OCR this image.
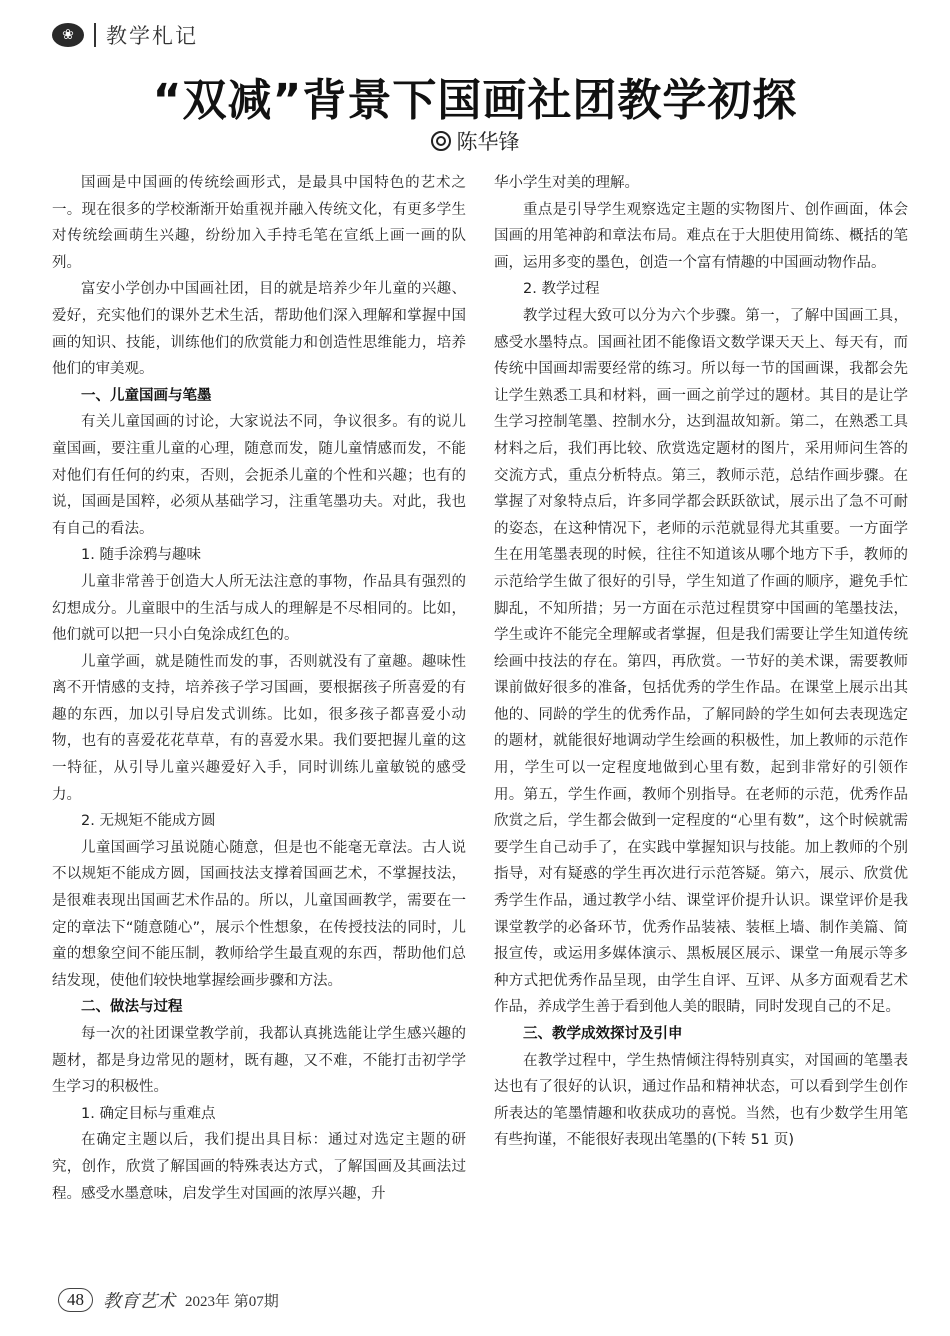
❀	教学札记
“双减”背景下国画社团教学初探
陈华锋

国画是中国画的传统绘画形式，是最具中国特色的艺术之一。现在很多的学校渐渐开始重视并融入传统文化，有更多学生对传统绘画萌生兴趣，纷纷加入手持毛笔在宣纸上画一画的队列。

富安小学创办中国画社团，目的就是培养少年儿童的兴趣、爱好，充实他们的课外艺术生活，帮助他们深入理解和掌握中国画的知识、技能，训练他们的欣赏能力和创造性思维能力，培养他们的审美观。

一、儿童国画与笔墨

有关儿童国画的讨论，大家说法不同，争议很多。有的说儿童国画，要注重儿童的心理，随意而发，随儿童情感而发，不能对他们有任何的约束，否则，会扼杀儿童的个性和兴趣；也有的说，国画是国粹，必须从基础学习，注重笔墨功夫。对此，我也有自己的看法。

1. 随手涂鸦与趣味

儿童非常善于创造大人所无法注意的事物，作品具有强烈的幻想成分。儿童眼中的生活与成人的理解是不尽相同的。比如，他们就可以把一只小白兔涂成红色的。

儿童学画，就是随性而发的事，否则就没有了童趣。趣味性离不开情感的支持，培养孩子学习国画，要根据孩子所喜爱的有趣的东西，加以引导启发式训练。比如，很多孩子都喜爱小动物，也有的喜爱花花草草，有的喜爱水果。我们要把握儿童的这一特征，从引导儿童兴趣爱好入手，同时训练儿童敏锐的感受力。

2. 无规矩不能成方圆

儿童国画学习虽说随心随意，但是也不能毫无章法。古人说不以规矩不能成方圆，国画技法支撑着国画艺术，不掌握技法，是很难表现出国画艺术作品的。所以，儿童国画教学，需要在一定的章法下“随意随心”，展示个性想象，在传授技法的同时，儿童的想象空间不能压制，教师给学生最直观的东西，帮助他们总结发现，使他们较快地掌握绘画步骤和方法。

二、做法与过程

每一次的社团课堂教学前，我都认真挑选能让学生感兴趣的题材，都是身边常见的题材，既有趣，又不难，不能打击初学学生学习的积极性。

1. 确定目标与重难点

在确定主题以后，我们提出具目标：通过对选定主题的研究，创作，欣赏了解国画的特殊表达方式，了解国画及其画法过程。感受水墨意味，启发学生对国画的浓厚兴趣，升

华小学生对美的理解。

重点是引导学生观察选定主题的实物图片、创作画面，体会国画的用笔神韵和章法布局。难点在于大胆使用简练、概括的笔画，运用多变的墨色，创造一个富有情趣的中国画动物作品。

2. 教学过程

教学过程大致可以分为六个步骤。第一，了解中国画工具，感受水墨特点。国画社团不能像语文数学课天天上、每天有，而传统中国画却需要经常的练习。所以每一节的国画课，我都会先让学生熟悉工具和材料，画一画之前学过的题材。其目的是让学生学习控制笔墨、控制水分，达到温故知新。第二，在熟悉工具材料之后，我们再比较、欣赏选定题材的图片，采用师问生答的交流方式，重点分析特点。第三，教师示范，总结作画步骤。在掌握了对象特点后，许多同学都会跃跃欲试，展示出了急不可耐的姿态，在这种情况下，老师的示范就显得尤其重要。一方面学生在用笔墨表现的时候，往往不知道该从哪个地方下手，教师的示范给学生做了很好的引导，学生知道了作画的顺序，避免手忙脚乱，不知所措；另一方面在示范过程贯穿中国画的笔墨技法，学生或许不能完全理解或者掌握，但是我们需要让学生知道传统绘画中技法的存在。第四，再欣赏。一节好的美术课，需要教师课前做好很多的准备，包括优秀的学生作品。在课堂上展示出其他的、同龄的学生的优秀作品，了解同龄的学生如何去表现选定的题材，就能很好地调动学生绘画的积极性，加上教师的示范作用，学生可以一定程度地做到心里有数，起到非常好的引领作用。第五，学生作画，教师个别指导。在老师的示范，优秀作品欣赏之后，学生都会做到一定程度的“心里有数”，这个时候就需要学生自己动手了，在实践中掌握知识与技能。加上教师的个别指导，对有疑惑的学生再次进行示范答疑。第六，展示、欣赏优秀学生作品，通过教学小结、课堂评价提升认识。课堂评价是我课堂教学的必备环节，优秀作品装裱、装框上墙、制作美篇、简报宣传，或运用多媒体演示、黑板展区展示、课堂一角展示等多种方式把优秀作品呈现，由学生自评、互评、从多方面观看艺术作品，养成学生善于看到他人美的眼睛，同时发现自己的不足。

三、教学成效探讨及引申

在教学过程中，学生热情倾注得特别真实，对国画的笔墨表达也有了很好的认识，通过作品和精神状态，可以看到学生创作所表达的笔墨情趣和收获成功的喜悦。当然，也有少数学生用笔有些拘谨，不能很好表现出笔墨的(下转 51 页)

48	教育艺术 2023年 第07期
